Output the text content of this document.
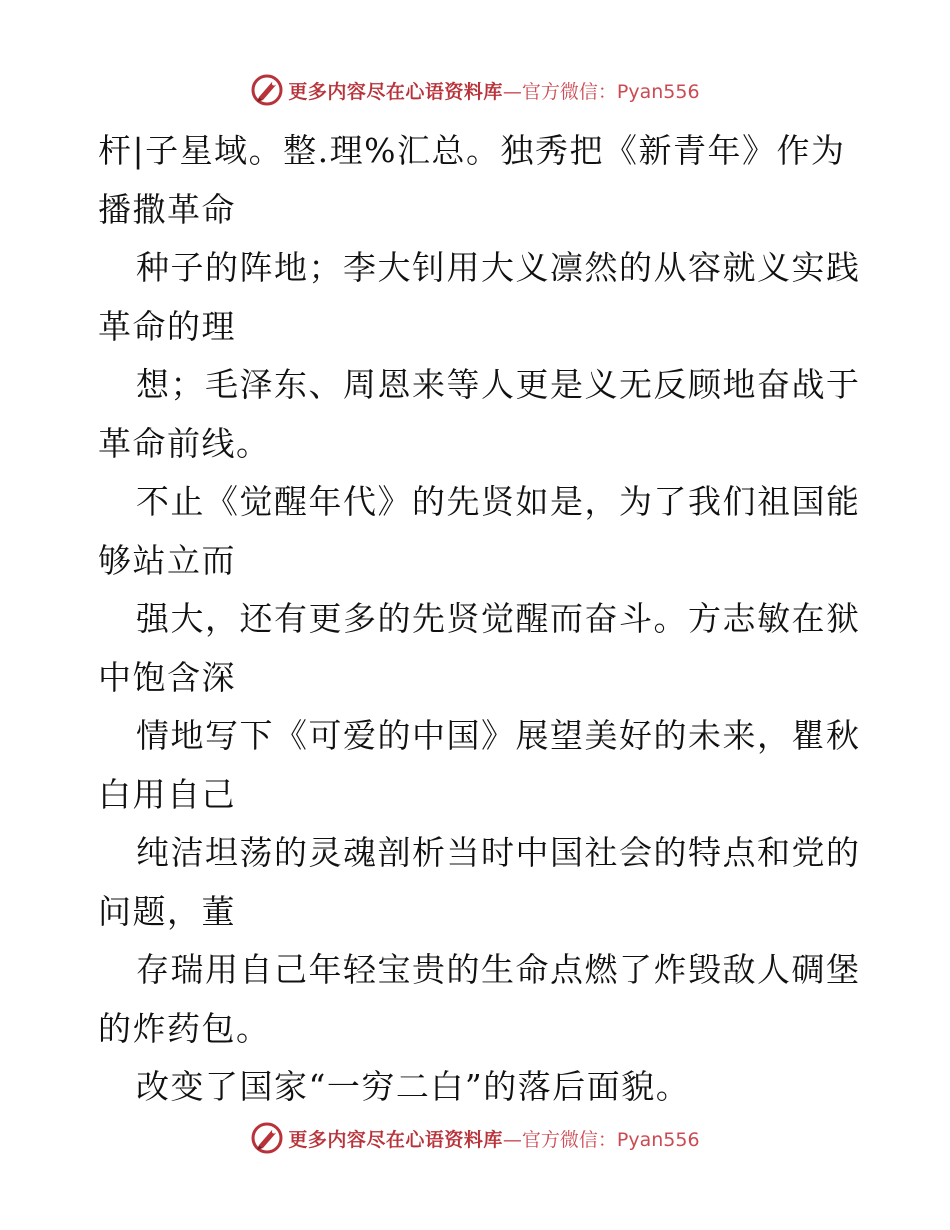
更多内容尽在心语资料库 —官方微信：Pyan556
杆|子星域。整.理%汇总。独秀把《新青年》作为
播撒革命
种子的阵地；李大钊用大义凛然的从容就义实践
革命的理
想；毛泽东、周恩来等人更是义无反顾地奋战于
革命前线。
不止《觉醒年代》的先贤如是，为了我们祖国能
够站立而
强大，还有更多的先贤觉醒而奋斗。方志敏在狱
中饱含深
情地写下《可爱的中国》展望美好的未来，瞿秋
白用自己
纯洁坦荡的灵魂剖析当时中国社会的特点和党的
问题，董
存瑞用自己年轻宝贵的生命点燃了炸毁敌人碉堡
的炸药包。
改变了国家“一穷二白”的落后面貌。
更多内容尽在心语资料库 —官方微信：Pyan556
